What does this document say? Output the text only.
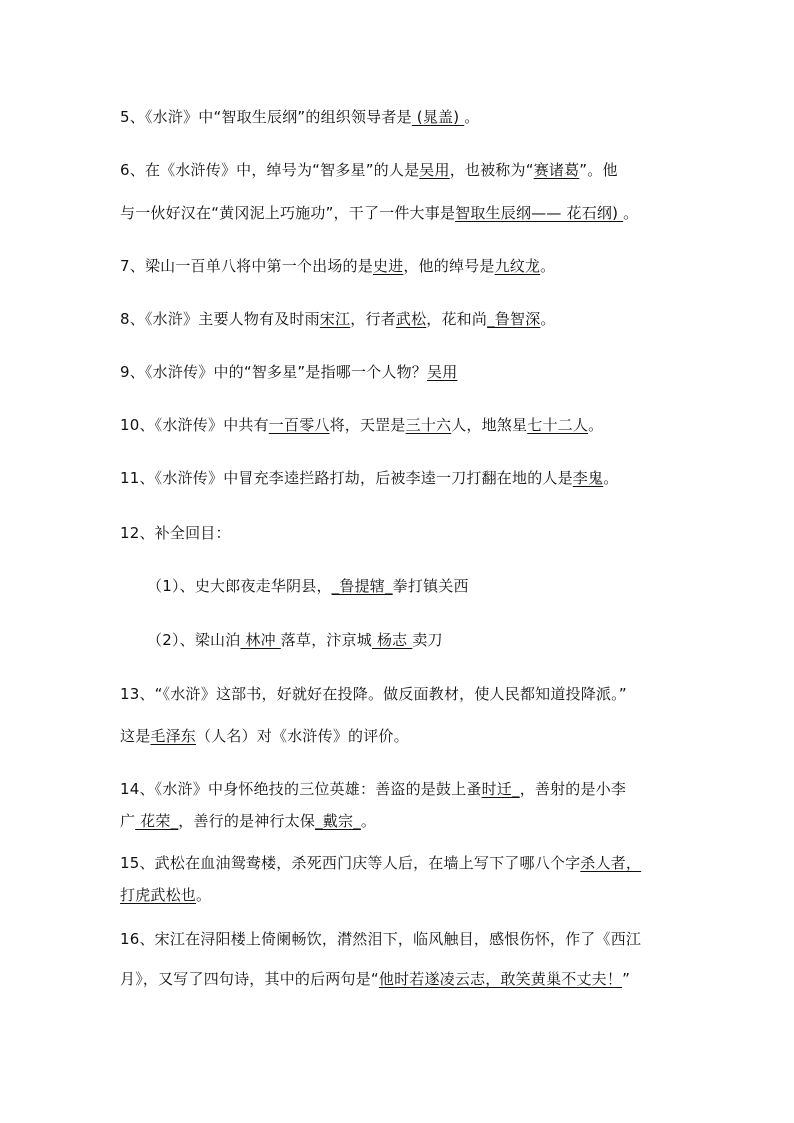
5、《水浒》中“智取生辰纲”的组织领导者是 (晁盖) 。
6、在《水浒传》中，绰号为“智多星”的人是吴用，也被称为“赛诸葛”。他
与一伙好汉在“黄冈泥上巧施功”，干了一件大事是智取生辰纲—— 花石纲) 。
7、梁山一百单八将中第一个出场的是史进，他的绰号是九纹龙。
8、《水浒》主要人物有及时雨宋江，行者武松，花和尚_鲁智深。
9、《水浒传》中的“智多星”是指哪一个人物？吴用
10、《水浒传》中共有一百零八将，天罡是三十六人，地煞星七十二人。
11、《水浒传》中冒充李逵拦路打劫，后被李逵一刀打翻在地的人是李鬼。
12、补全回目：
（1）、史大郎夜走华阴县，_鲁提辖_拳打镇关西
（2）、梁山泊 林冲 落草，汴京城 杨志 卖刀
13、“《水浒》这部书，好就好在投降。做反面教材，使人民都知道投降派。”
这是毛泽东（人名）对《水浒传》的评价。
14、《水浒》中身怀绝技的三位英雄：善盗的是鼓上蚤时迁_，善射的是小李
广 花荣_，善行的是神行太保_戴宗_。
15、武松在血油鸳鸯楼，杀死西门庆等人后，在墙上写下了哪八个字杀人者，
打虎武松也。
16、宋江在浔阳楼上倚阑畅饮，潸然泪下，临风触目，感恨伤怀，作了《西江
月》，又写了四句诗，其中的后两句是“他时若遂凌云志，敢笑黄巢不丈夫！”
